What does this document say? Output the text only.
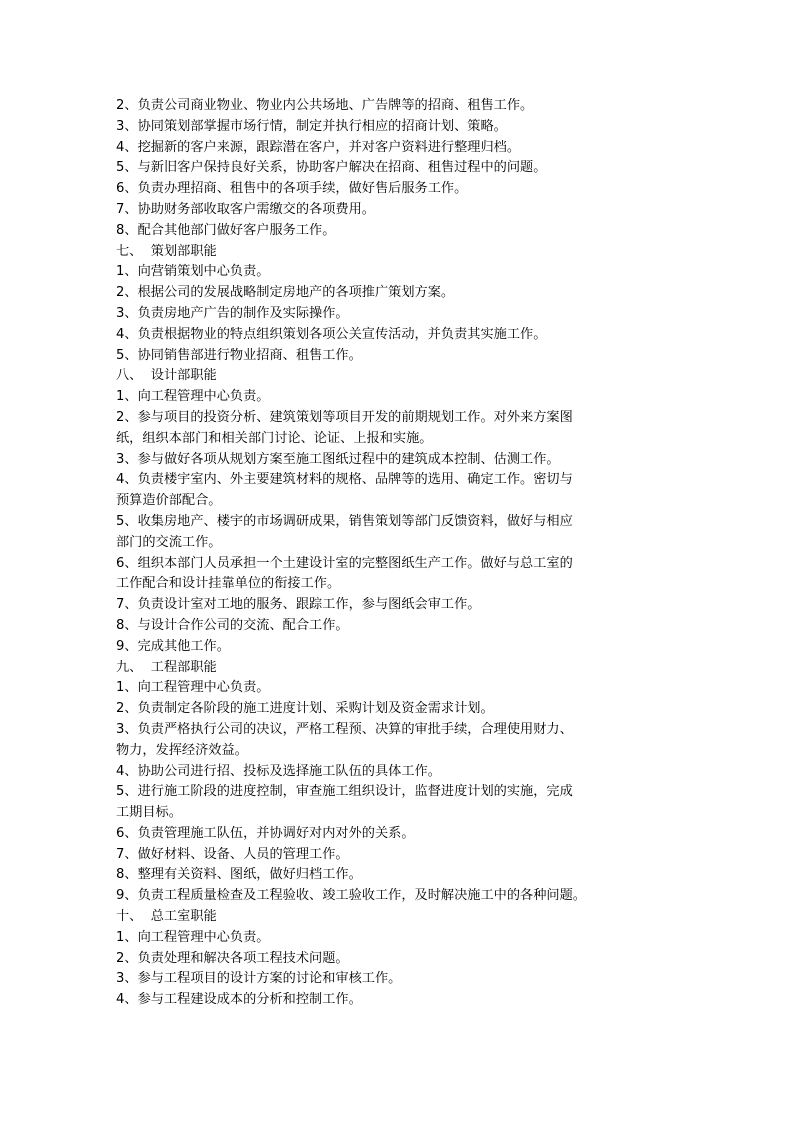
2、负责公司商业物业、物业内公共场地、广告牌等的招商、租售工作。
3、协同策划部掌握市场行情，制定并执行相应的招商计划、策略。
4、挖掘新的客户来源，跟踪潜在客户，并对客户资料进行整理归档。
5、与新旧客户保持良好关系，协助客户解决在招商、租售过程中的问题。
6、负责办理招商、租售中的各项手续，做好售后服务工作。
7、协助财务部收取客户需缴交的各项费用。
8、配合其他部门做好客户服务工作。
七、  策划部职能
1、向营销策划中心负责。
2、根据公司的发展战略制定房地产的各项推广策划方案。
3、负责房地产广告的制作及实际操作。
4、负责根据物业的特点组织策划各项公关宣传活动，并负责其实施工作。
5、协同销售部进行物业招商、租售工作。
八、  设计部职能
1、向工程管理中心负责。
2、参与项目的投资分析、建筑策划等项目开发的前期规划工作。对外来方案图
纸，组织本部门和相关部门讨论、论证、上报和实施。
3、参与做好各项从规划方案至施工图纸过程中的建筑成本控制、估测工作。
4、负责楼宇室内、外主要建筑材料的规格、品牌等的选用、确定工作。密切与
预算造价部配合。
5、收集房地产、楼宇的市场调研成果，销售策划等部门反馈资料，做好与相应
部门的交流工作。
6、组织本部门人员承担一个土建设计室的完整图纸生产工作。做好与总工室的
工作配合和设计挂靠单位的衔接工作。
7、负责设计室对工地的服务、跟踪工作，参与图纸会审工作。
8、与设计合作公司的交流、配合工作。
9、完成其他工作。
九、  工程部职能
1、向工程管理中心负责。
2、负责制定各阶段的施工进度计划、采购计划及资金需求计划。
3、负责严格执行公司的决议，严格工程预、决算的审批手续，合理使用财力、
物力，发挥经济效益。
4、协助公司进行招、投标及选择施工队伍的具体工作。
5、进行施工阶段的进度控制，审查施工组织设计，监督进度计划的实施，完成
工期目标。
6、负责管理施工队伍，并协调好对内对外的关系。
7、做好材料、设备、人员的管理工作。
8、整理有关资料、图纸，做好归档工作。
9、负责工程质量检查及工程验收、竣工验收工作，及时解决施工中的各种问题。
十、  总工室职能
1、向工程管理中心负责。
2、负责处理和解决各项工程技术问题。
3、参与工程项目的设计方案的讨论和审核工作。
4、参与工程建设成本的分析和控制工作。
